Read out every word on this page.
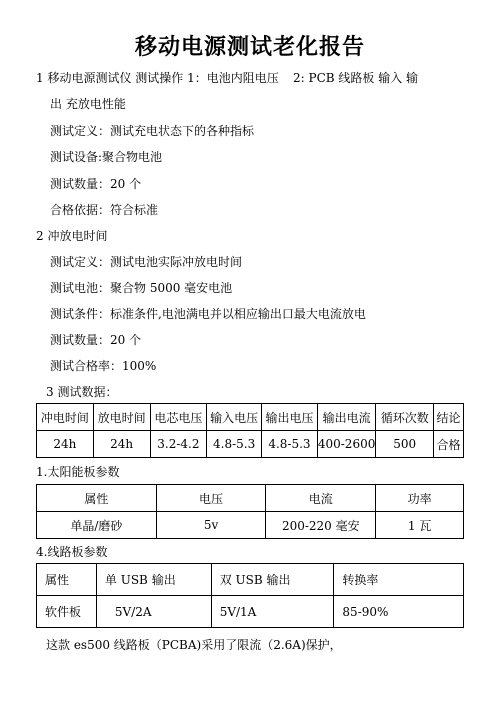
移动电源测试老化报告
1 移动电源测试仪 测试操作 1：电池内阻电压 2: PCB 线路板 输入 输
出 充放电性能
测试定义：测试充电状态下的各种指标
测试设备:聚合物电池
测试数量：20 个
合格依据：符合标准
2 冲放电时间
测试定义：测试电池实际冲放电时间
测试电池：聚合物 5000 毫安电池
测试条件：标准条件,电池满电并以相应输出口最大电流放电
测试数量：20 个
测试合格率：100%
3 测试数据：
冲电时间	放电时间	电芯电压	输入电压	输出电压	输出电流	循环次数	结论
24h	24h	3.2-4.2	4.8-5.3	4.8-5.3	400-2600	500	合格
1.太阳能板参数
属性	电压	电流	功率
单晶/磨砂	5v	200-220 毫安	1 瓦
4.线路板参数
属性	单 USB 输出	双 USB 输出	转换率
软件板	5V/2A	5V/1A	85-90%
这款 es500 线路板（PCBA)采用了限流（2.6A)保护，
